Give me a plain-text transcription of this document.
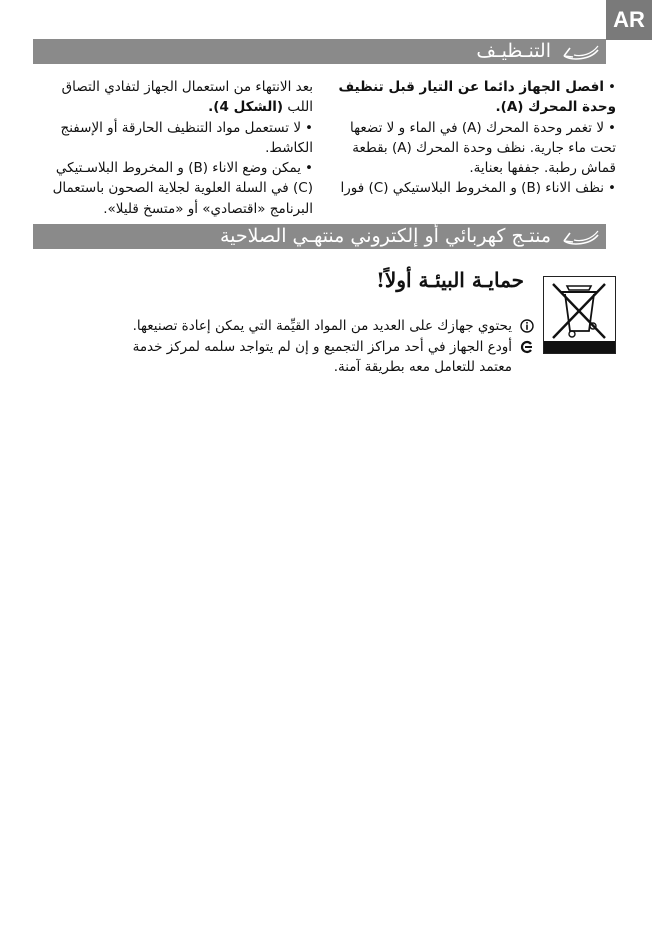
AR
التنـظيـف

• افصل الجهاز دائما عن التيار قبل تنظيف وحدة المحرك (A).

• لا تغمر وحدة المحرك (A) في الماء و لا تضعها تحت ماء جارية. نظف وحدة المحرك (A) بقطعة قماش رطبة. جففها بعناية.

• نظف الاناء (B) و المخروط البلاستيكي (C) فورا

بعد الانتهاء من استعمال الجهاز لتفادي التصاق اللب (الشكل 4).

• لا تستعمل مواد التنظيف الحارقة أو الإسفنج الكاشط.

• يمكن وضع الاناء (B) و المخروط البلاسـتيكي (C) في السلة العلوية لجلاية الصحون باستعمال البرنامج «اقتصادي» أو «متسخ قليلا».

منتـج كهربائي أو إلكتروني منتهـي الصلاحية
حمايـة البيئـة أولاً!
يحتوي جهازك على العديد من المواد القيِّمة التي يمكن إعادة تصنيعها.
أودع الجهاز في أحد مراكز التجميع و إن لم يتواجد سلمه لمركز خدمة معتمد للتعامل معه بطريقة آمنة.
